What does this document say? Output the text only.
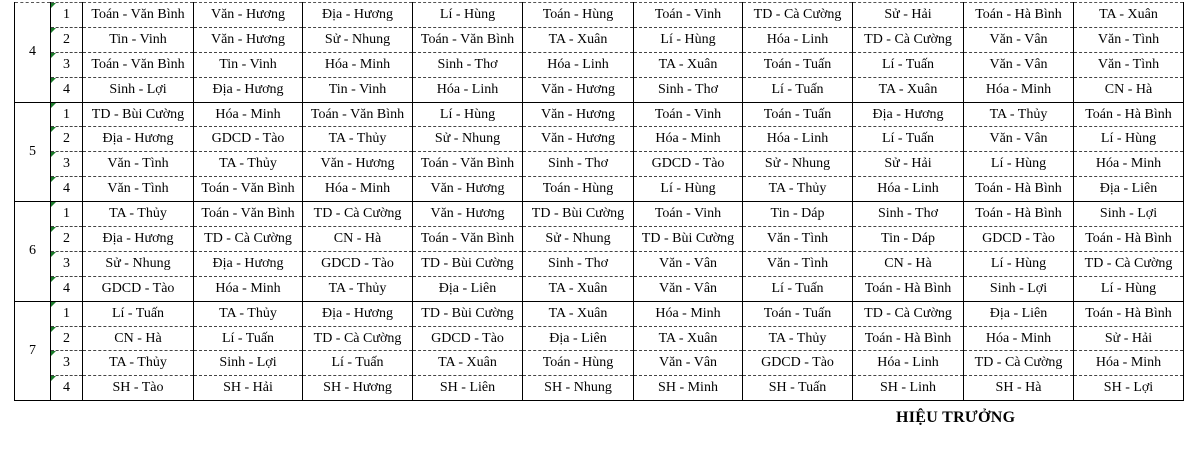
4	1	Toán - Văn Bình	Văn - Hương	Địa - Hương	Lí - Hùng	Toán - Hùng	Toán - Vinh	TD - Cà Cường	Sử - Hải	Toán - Hà Bình	TA - Xuân
	2	Tin - Vinh	Văn - Hương	Sử - Nhung	Toán - Văn Bình	TA - Xuân	Lí - Hùng	Hóa - Linh	TD - Cà Cường	Văn - Vân	Văn - Tình
	3	Toán - Văn Bình	Tin - Vinh	Hóa - Minh	Sinh - Thơ	Hóa - Linh	TA - Xuân	Toán - Tuấn	Lí - Tuấn	Văn - Vân	Văn - Tình
	4	Sinh - Lợi	Địa - Hương	Tin - Vinh	Hóa - Linh	Văn - Hương	Sinh - Thơ	Lí - Tuấn	TA - Xuân	Hóa - Minh	CN - Hà
5	1	TD - Bùi Cường	Hóa - Minh	Toán - Văn Bình	Lí - Hùng	Văn - Hương	Toán - Vinh	Toán - Tuấn	Địa - Hương	TA - Thủy	Toán - Hà Bình
	2	Địa - Hương	GDCD - Tào	TA - Thủy	Sử - Nhung	Văn - Hương	Hóa - Minh	Hóa - Linh	Lí - Tuấn	Văn - Vân	Lí - Hùng
	3	Văn - Tình	TA - Thủy	Văn - Hương	Toán - Văn Bình	Sinh - Thơ	GDCD - Tào	Sử - Nhung	Sử - Hải	Lí - Hùng	Hóa - Minh
	4	Văn - Tình	Toán - Văn Bình	Hóa - Minh	Văn - Hương	Toán - Hùng	Lí - Hùng	TA - Thủy	Hóa - Linh	Toán - Hà Bình	Địa - Liên
6	1	TA - Thủy	Toán - Văn Bình	TD - Cà Cường	Văn - Hương	TD - Bùi Cường	Toán - Vinh	Tin - Dáp	Sinh - Thơ	Toán - Hà Bình	Sinh - Lợi
	2	Địa - Hương	TD - Cà Cường	CN - Hà	Toán - Văn Bình	Sử - Nhung	TD - Bùi Cường	Văn - Tình	Tin - Dáp	GDCD - Tào	Toán - Hà Bình
	3	Sử - Nhung	Địa - Hương	GDCD - Tào	TD - Bùi Cường	Sinh - Thơ	Văn - Vân	Văn - Tình	CN - Hà	Lí - Hùng	TD - Cà Cường
	4	GDCD - Tào	Hóa - Minh	TA - Thủy	Địa - Liên	TA - Xuân	Văn - Vân	Lí - Tuấn	Toán - Hà Bình	Sinh - Lợi	Lí - Hùng
7	1	Lí - Tuấn	TA - Thủy	Địa - Hương	TD - Bùi Cường	TA - Xuân	Hóa - Minh	Toán - Tuấn	TD - Cà Cường	Địa - Liên	Toán - Hà Bình
	2	CN - Hà	Lí - Tuấn	TD - Cà Cường	GDCD - Tào	Địa - Liên	TA - Xuân	TA - Thủy	Toán - Hà Bình	Hóa - Minh	Sử - Hải
	3	TA - Thủy	Sinh - Lợi	Lí - Tuấn	TA - Xuân	Toán - Hùng	Văn - Vân	GDCD - Tào	Hóa - Linh	TD - Cà Cường	Hóa - Minh
	4	SH - Tào	SH - Hải	SH - Hương	SH - Liên	SH - Nhung	SH - Minh	SH - Tuấn	SH - Linh	SH - Hà	SH - Lợi
HIỆU TRƯỞNG
